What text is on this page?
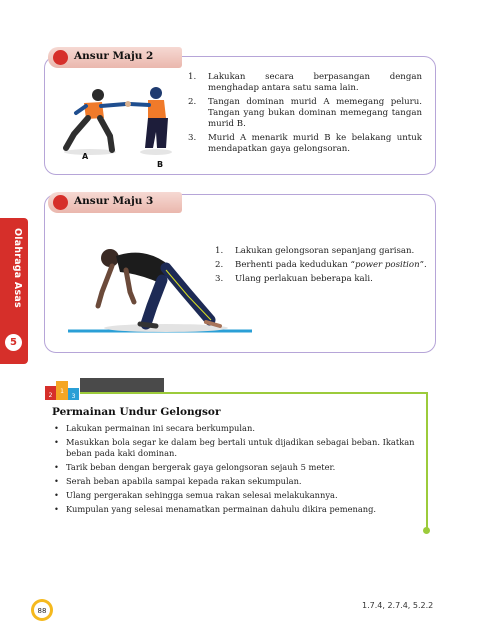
Olahraga Asas
5
Ansur Maju 2
A
B
1. Lakukan secara berpasangan dengan menghadap antara satu sama lain.
2. Tangan dominan murid A memegang peluru. Tangan yang bukan dominan memegang tangan murid B.
3. Murid A menarik murid B ke belakang untuk mendapatkan gaya gelongsoran.
Ansur Maju 3
1. Lakukan gelongsoran sepanjang garisan.
2. Berhenti pada kedudukan “power position”.
3. Ulang perlakuan beberapa kali.
2
1
3
Permainan Undur Gelongsor
• Lakukan permainan ini secara berkumpulan.
• Masukkan bola segar ke dalam beg bertali untuk dijadikan sebagai beban. Ikatkan beban pada kaki dominan.
• Tarik beban dengan bergerak gaya gelongsoran sejauh 5 meter.
• Serah beban apabila sampai kepada rakan sekumpulan.
• Ulang pergerakan sehingga semua rakan selesai melakukannya.
• Kumpulan yang selesai menamatkan permainan dahulu dikira pemenang.
88
1.7.4, 2.7.4, 5.2.2
